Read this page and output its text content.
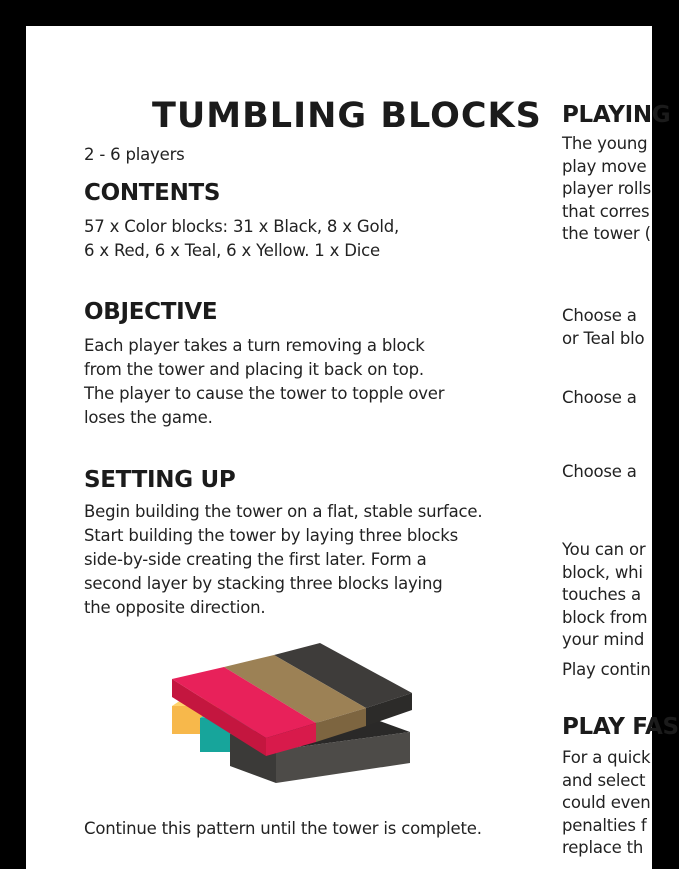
TUMBLING BLOCKS
2 - 6 players
CONTENTS
57 x Color blocks: 31 x Black, 8 x Gold,
6 x Red, 6 x Teal, 6 x Yellow. 1 x Dice
OBJECTIVE
Each player takes a turn removing a block
from the tower and placing it back on top.
The player to cause the tower to topple over
loses the game.
SETTING UP
Begin building the tower on a flat, stable surface.
Start building the tower by laying three blocks
side-by-side creating the first later. Form a
second layer by stacking three blocks laying
the opposite direction.
Continue this pattern until the tower is complete.
PLAYING
The young
play move
player rolls
that corres
the tower (
Choose a
or Teal blo
Choose a
Choose a
You can or
block, whi
touches a
block from
your mind
Play contin
PLAY FAS
For a quick
and select
could even
penalties f
replace th
